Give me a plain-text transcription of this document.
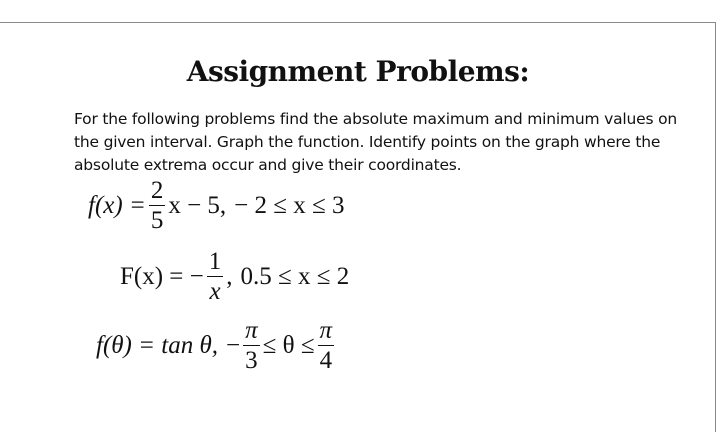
Assignment Problems:

For the following problems find the absolute maximum and minimum values on the given interval. Graph the function. Identify points on the graph where the absolute extrema occur and give their coordinates.

$f(x) = \frac{2}{5}$ x − 5, − 2 ≤ x ≤ 3
F(x) = − $\frac{1}{x}$ , 0.5 ≤ x ≤ 2
f(θ) = tan θ, − $\frac{\pi}{3} \le \theta \le \frac{\pi}{4}$
